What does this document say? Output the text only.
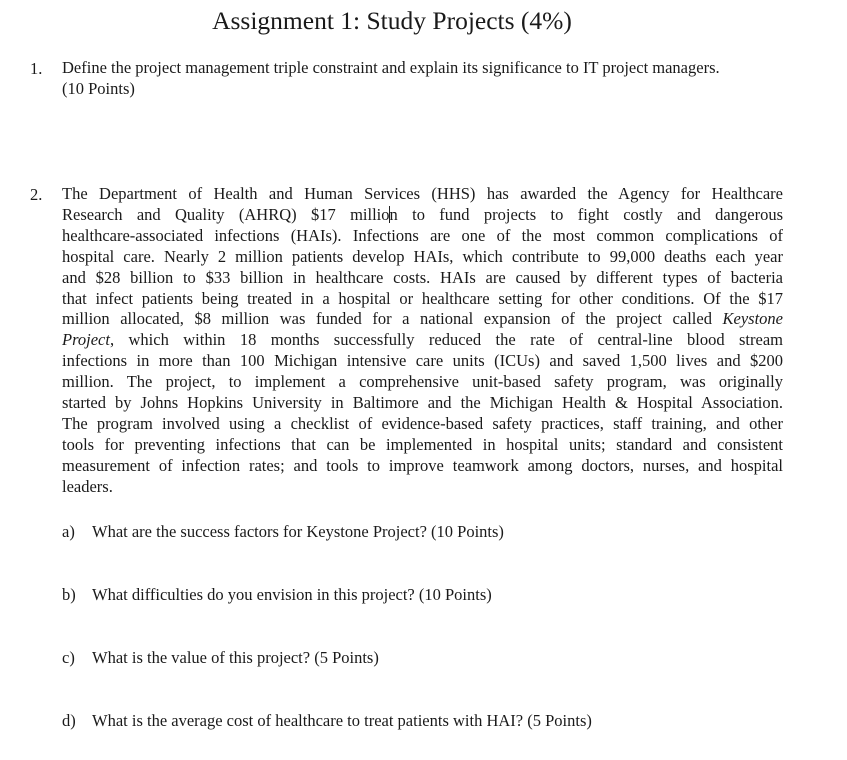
Assignment 1: Study Projects (4%)
1. Define the project management triple constraint and explain its significance to IT project managers.
(10 Points)
2. The Department of Health and Human Services (HHS) has awarded the Agency for Healthcare
Research and Quality (AHRQ) $17 million to fund projects to fight costly and dangerous
healthcare-associated infections (HAIs). Infections are one of the most common complications of
hospital care. Nearly 2 million patients develop HAIs, which contribute to 99,000 deaths each year
and $28 billion to $33 billion in healthcare costs. HAIs are caused by different types of bacteria
that infect patients being treated in a hospital or healthcare setting for other conditions. Of the $17
million allocated, $8 million was funded for a national expansion of the project called Keystone
Project, which within 18 months successfully reduced the rate of central-line blood stream
infections in more than 100 Michigan intensive care units (ICUs) and saved 1,500 lives and $200
million. The project, to implement a comprehensive unit-based safety program, was originally
started by Johns Hopkins University in Baltimore and the Michigan Health & Hospital Association.
The program involved using a checklist of evidence-based safety practices, staff training, and other
tools for preventing infections that can be implemented in hospital units; standard and consistent
measurement of infection rates; and tools to improve teamwork among doctors, nurses, and hospital
leaders.
a) What are the success factors for Keystone Project? (10 Points)
b) What difficulties do you envision in this project? (10 Points)
c) What is the value of this project? (5 Points)
d) What is the average cost of healthcare to treat patients with HAI? (5 Points)
